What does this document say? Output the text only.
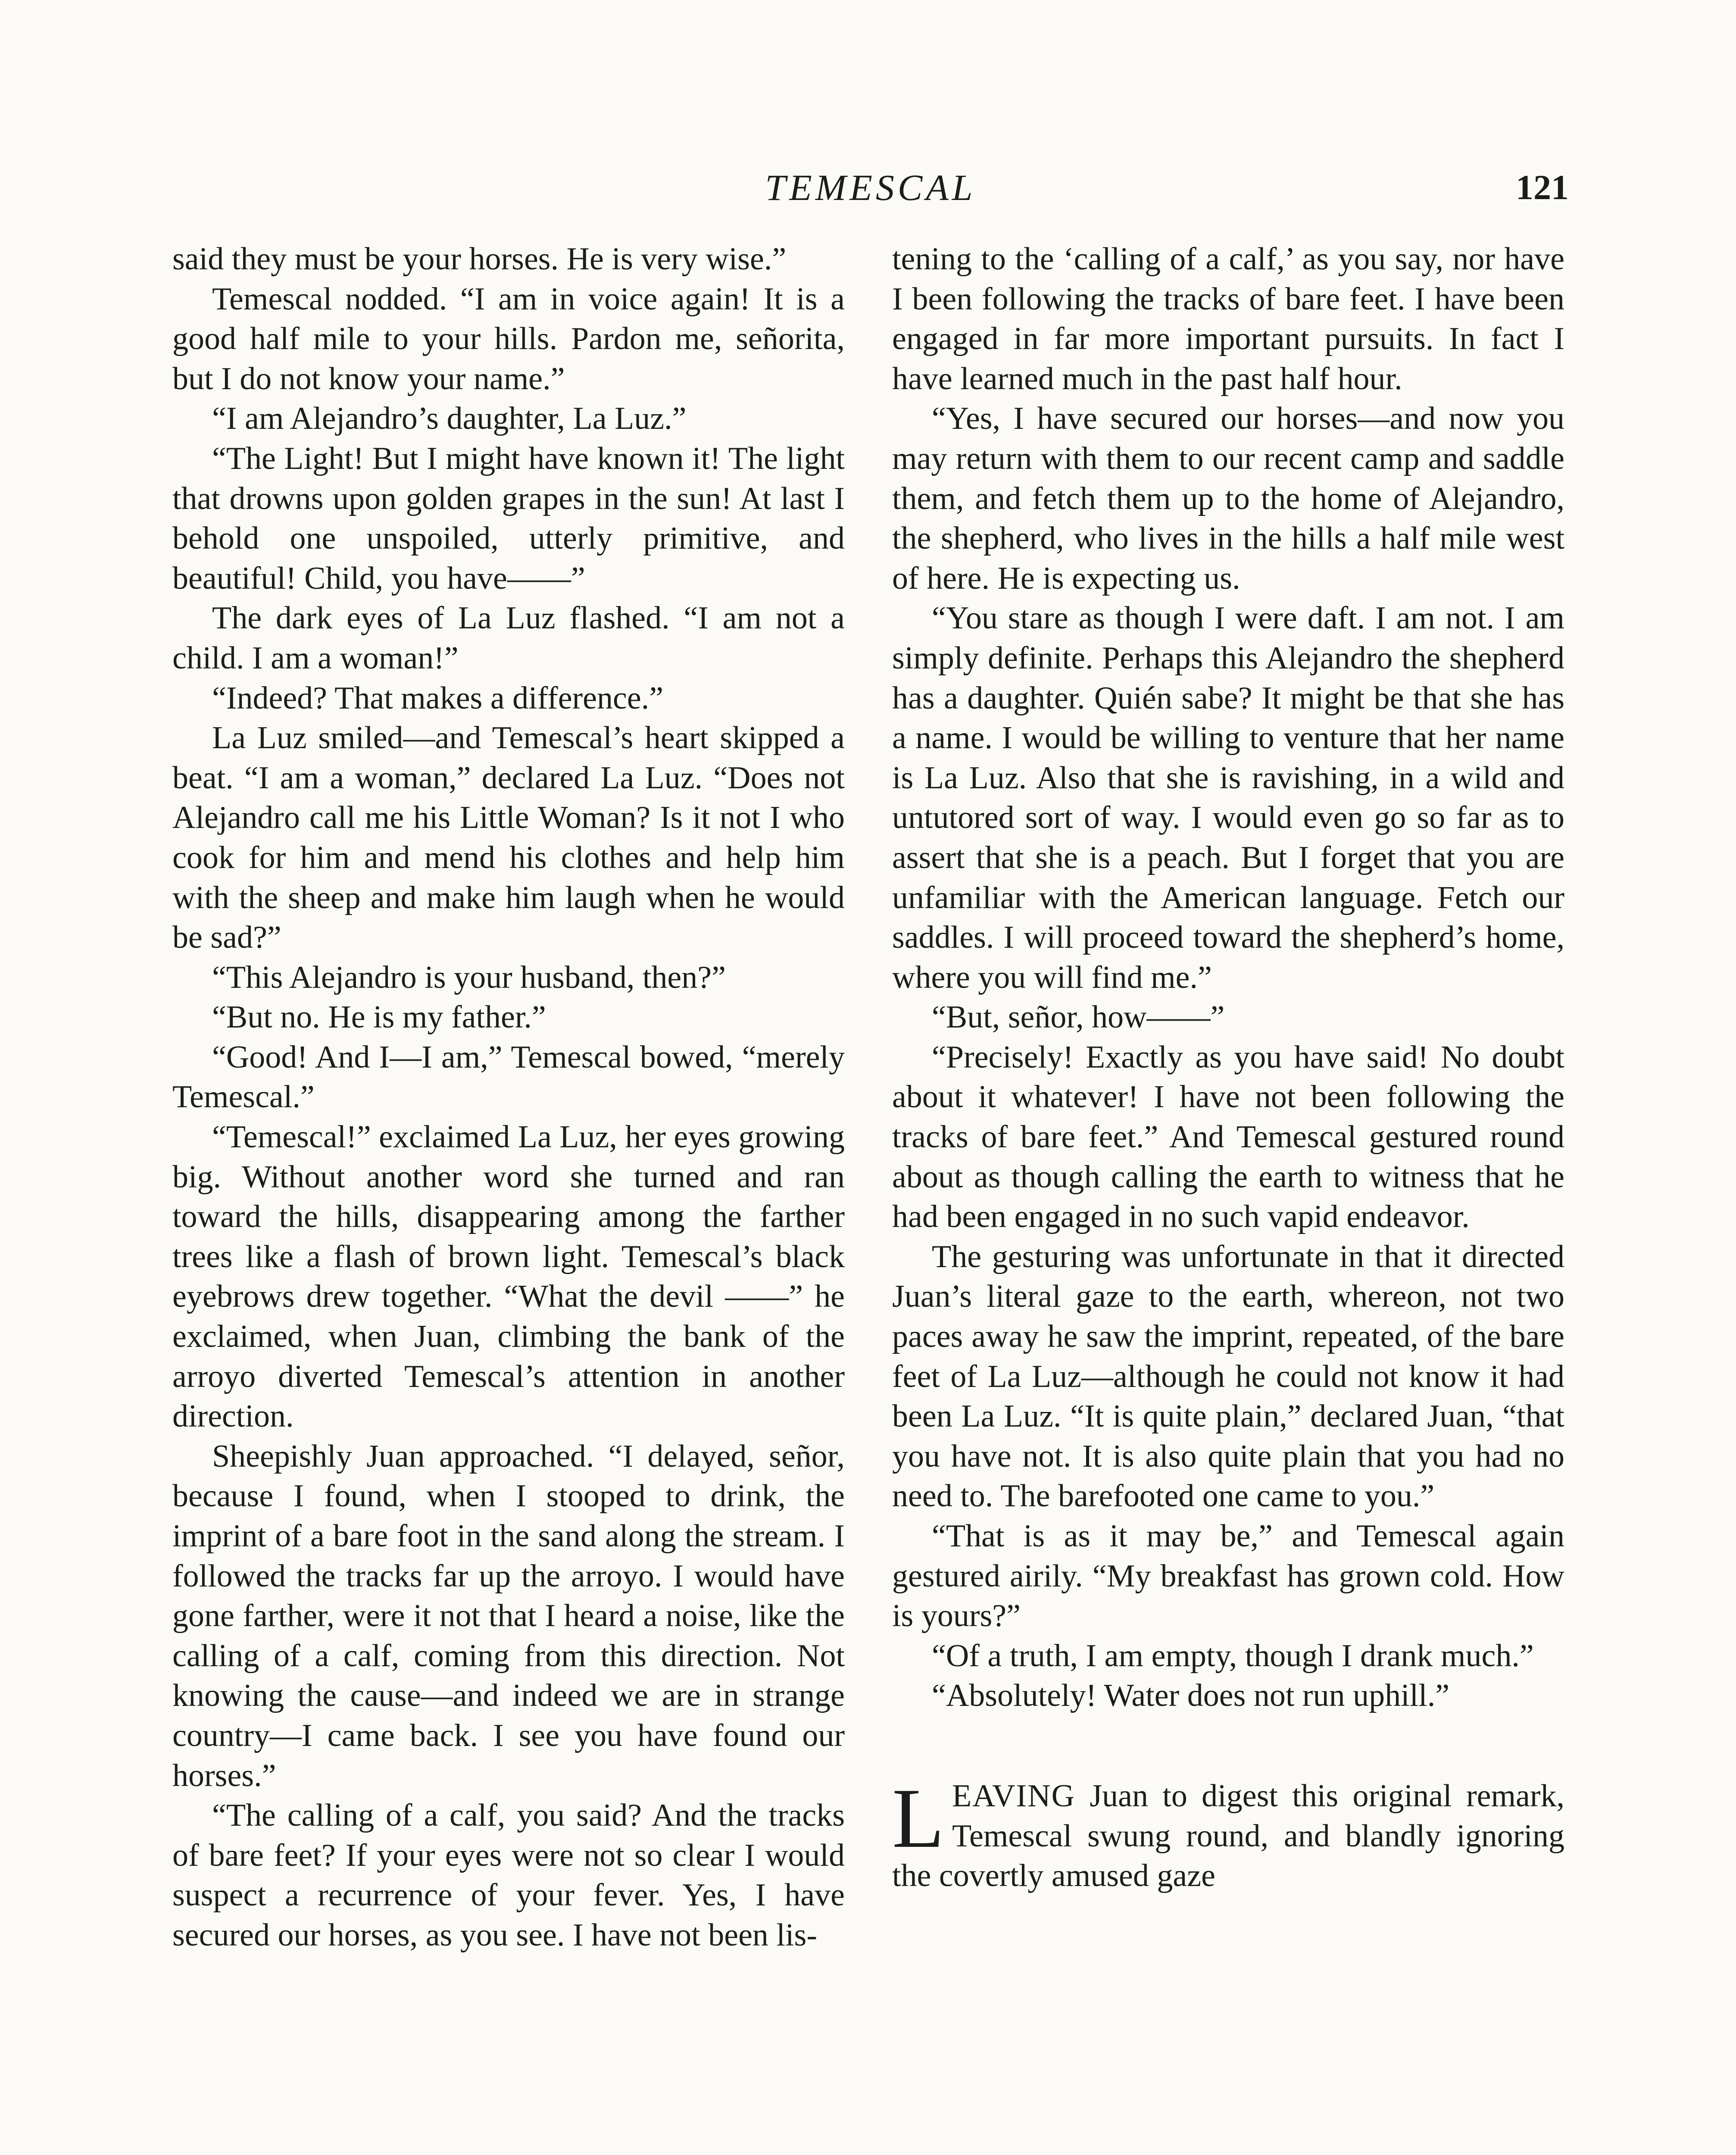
TEMESCAL	121

said they must be your horses. He is very wise.”

Temescal nodded. “I am in voice again! It is a good half mile to your hills. Pardon me, señorita, but I do not know your name.”

“I am Alejandro’s daughter, La Luz.”

“The Light! But I might have known it! The light that drowns upon golden grapes in the sun! At last I behold one unspoiled, utterly primitive, and beautiful! Child, you have——”

The dark eyes of La Luz flashed. “I am not a child. I am a woman!”

“Indeed? That makes a difference.”

La Luz smiled—and Temescal’s heart skipped a beat. “I am a woman,” declared La Luz. “Does not Alejandro call me his Little Woman? Is it not I who cook for him and mend his clothes and help him with the sheep and make him laugh when he would be sad?”

“This Alejandro is your husband, then?”

“But no. He is my father.”

“Good! And I—I am,” Temescal bowed, “merely Temescal.”

“Temescal!” exclaimed La Luz, her eyes growing big. Without another word she turned and ran toward the hills, disappearing among the farther trees like a flash of brown light. Temescal’s black eyebrows drew together. “What the devil ——” he exclaimed, when Juan, climbing the bank of the arroyo diverted Temescal’s attention in another direction.

Sheepishly Juan approached. “I delayed, señor, because I found, when I stooped to drink, the imprint of a bare foot in the sand along the stream. I followed the tracks far up the arroyo. I would have gone farther, were it not that I heard a noise, like the calling of a calf, coming from this direction. Not knowing the cause—and indeed we are in strange country—I came back. I see you have found our horses.”

“The calling of a calf, you said? And the tracks of bare feet? If your eyes were not so clear I would suspect a recurrence of your fever. Yes, I have secured our horses, as you see. I have not been lis-

tening to the ‘calling of a calf,’ as you say, nor have I been following the tracks of bare feet. I have been engaged in far more important pursuits. In fact I have learned much in the past half hour.

“Yes, I have secured our horses—and now you may return with them to our recent camp and saddle them, and fetch them up to the home of Alejandro, the shepherd, who lives in the hills a half mile west of here. He is expecting us.

“You stare as though I were daft. I am not. I am simply definite. Perhaps this Alejandro the shepherd has a daughter. Quién sabe? It might be that she has a name. I would be willing to venture that her name is La Luz. Also that she is ravishing, in a wild and untutored sort of way. I would even go so far as to assert that she is a peach. But I forget that you are unfamiliar with the American language. Fetch our saddles. I will proceed toward the shepherd’s home, where you will find me.”

“But, señor, how——”

“Precisely! Exactly as you have said! No doubt about it whatever! I have not been following the tracks of bare feet.” And Temescal gestured round about as though calling the earth to witness that he had been engaged in no such vapid endeavor.

The gesturing was unfortunate in that it directed Juan’s literal gaze to the earth, whereon, not two paces away he saw the imprint, repeated, of the bare feet of La Luz—although he could not know it had been La Luz. “It is quite plain,” declared Juan, “that you have not. It is also quite plain that you had no need to. The barefooted one came to you.”

“That is as it may be,” and Temescal again gestured airily. “My breakfast has grown cold. How is yours?”

“Of a truth, I am empty, though I drank much.”

“Absolutely! Water does not run uphill.”

LEAVING Juan to digest this original remark, Temescal swung round, and blandly ignoring the covertly amused gaze
